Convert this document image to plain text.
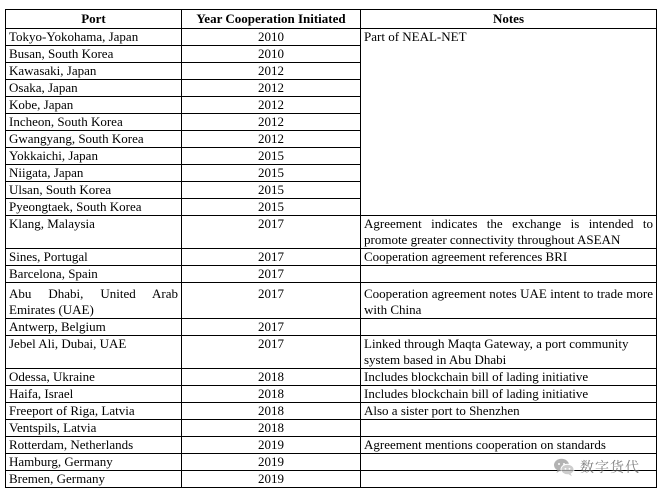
Port	Year Cooperation Initiated	Notes
Tokyo-Yokohama, Japan	2010	Part of NEAL-NET
Busan, South Korea	2010	
Kawasaki, Japan	2012	
Osaka, Japan	2012	
Kobe, Japan	2012	
Incheon, South Korea	2012	
Gwangyang, South Korea	2012	
Yokkaichi, Japan	2015	
Niigata, Japan	2015	
Ulsan, South Korea	2015	
Pyeongtaek, South Korea	2015	
Klang, Malaysia	2017	Agreement indicates the exchange is intended to promote greater connectivity throughout ASEAN
Sines, Portugal	2017	Cooperation agreement references BRI
Barcelona, Spain	2017	
Abu Dhabi, United Arab Emirates (UAE)	2017	Cooperation agreement notes UAE intent to trade more with China
Antwerp, Belgium	2017	
Jebel Ali, Dubai, UAE	2017	Linked through Maqta Gateway, a port community system based in Abu Dhabi
Odessa, Ukraine	2018	Includes blockchain bill of lading initiative
Haifa, Israel	2018	Includes blockchain bill of lading initiative
Freeport of Riga, Latvia	2018	Also a sister port to Shenzhen
Ventspils, Latvia	2018	
Rotterdam, Netherlands	2019	Agreement mentions cooperation on standards
Hamburg, Germany	2019	
Bremen, Germany	2019	
数字货代
